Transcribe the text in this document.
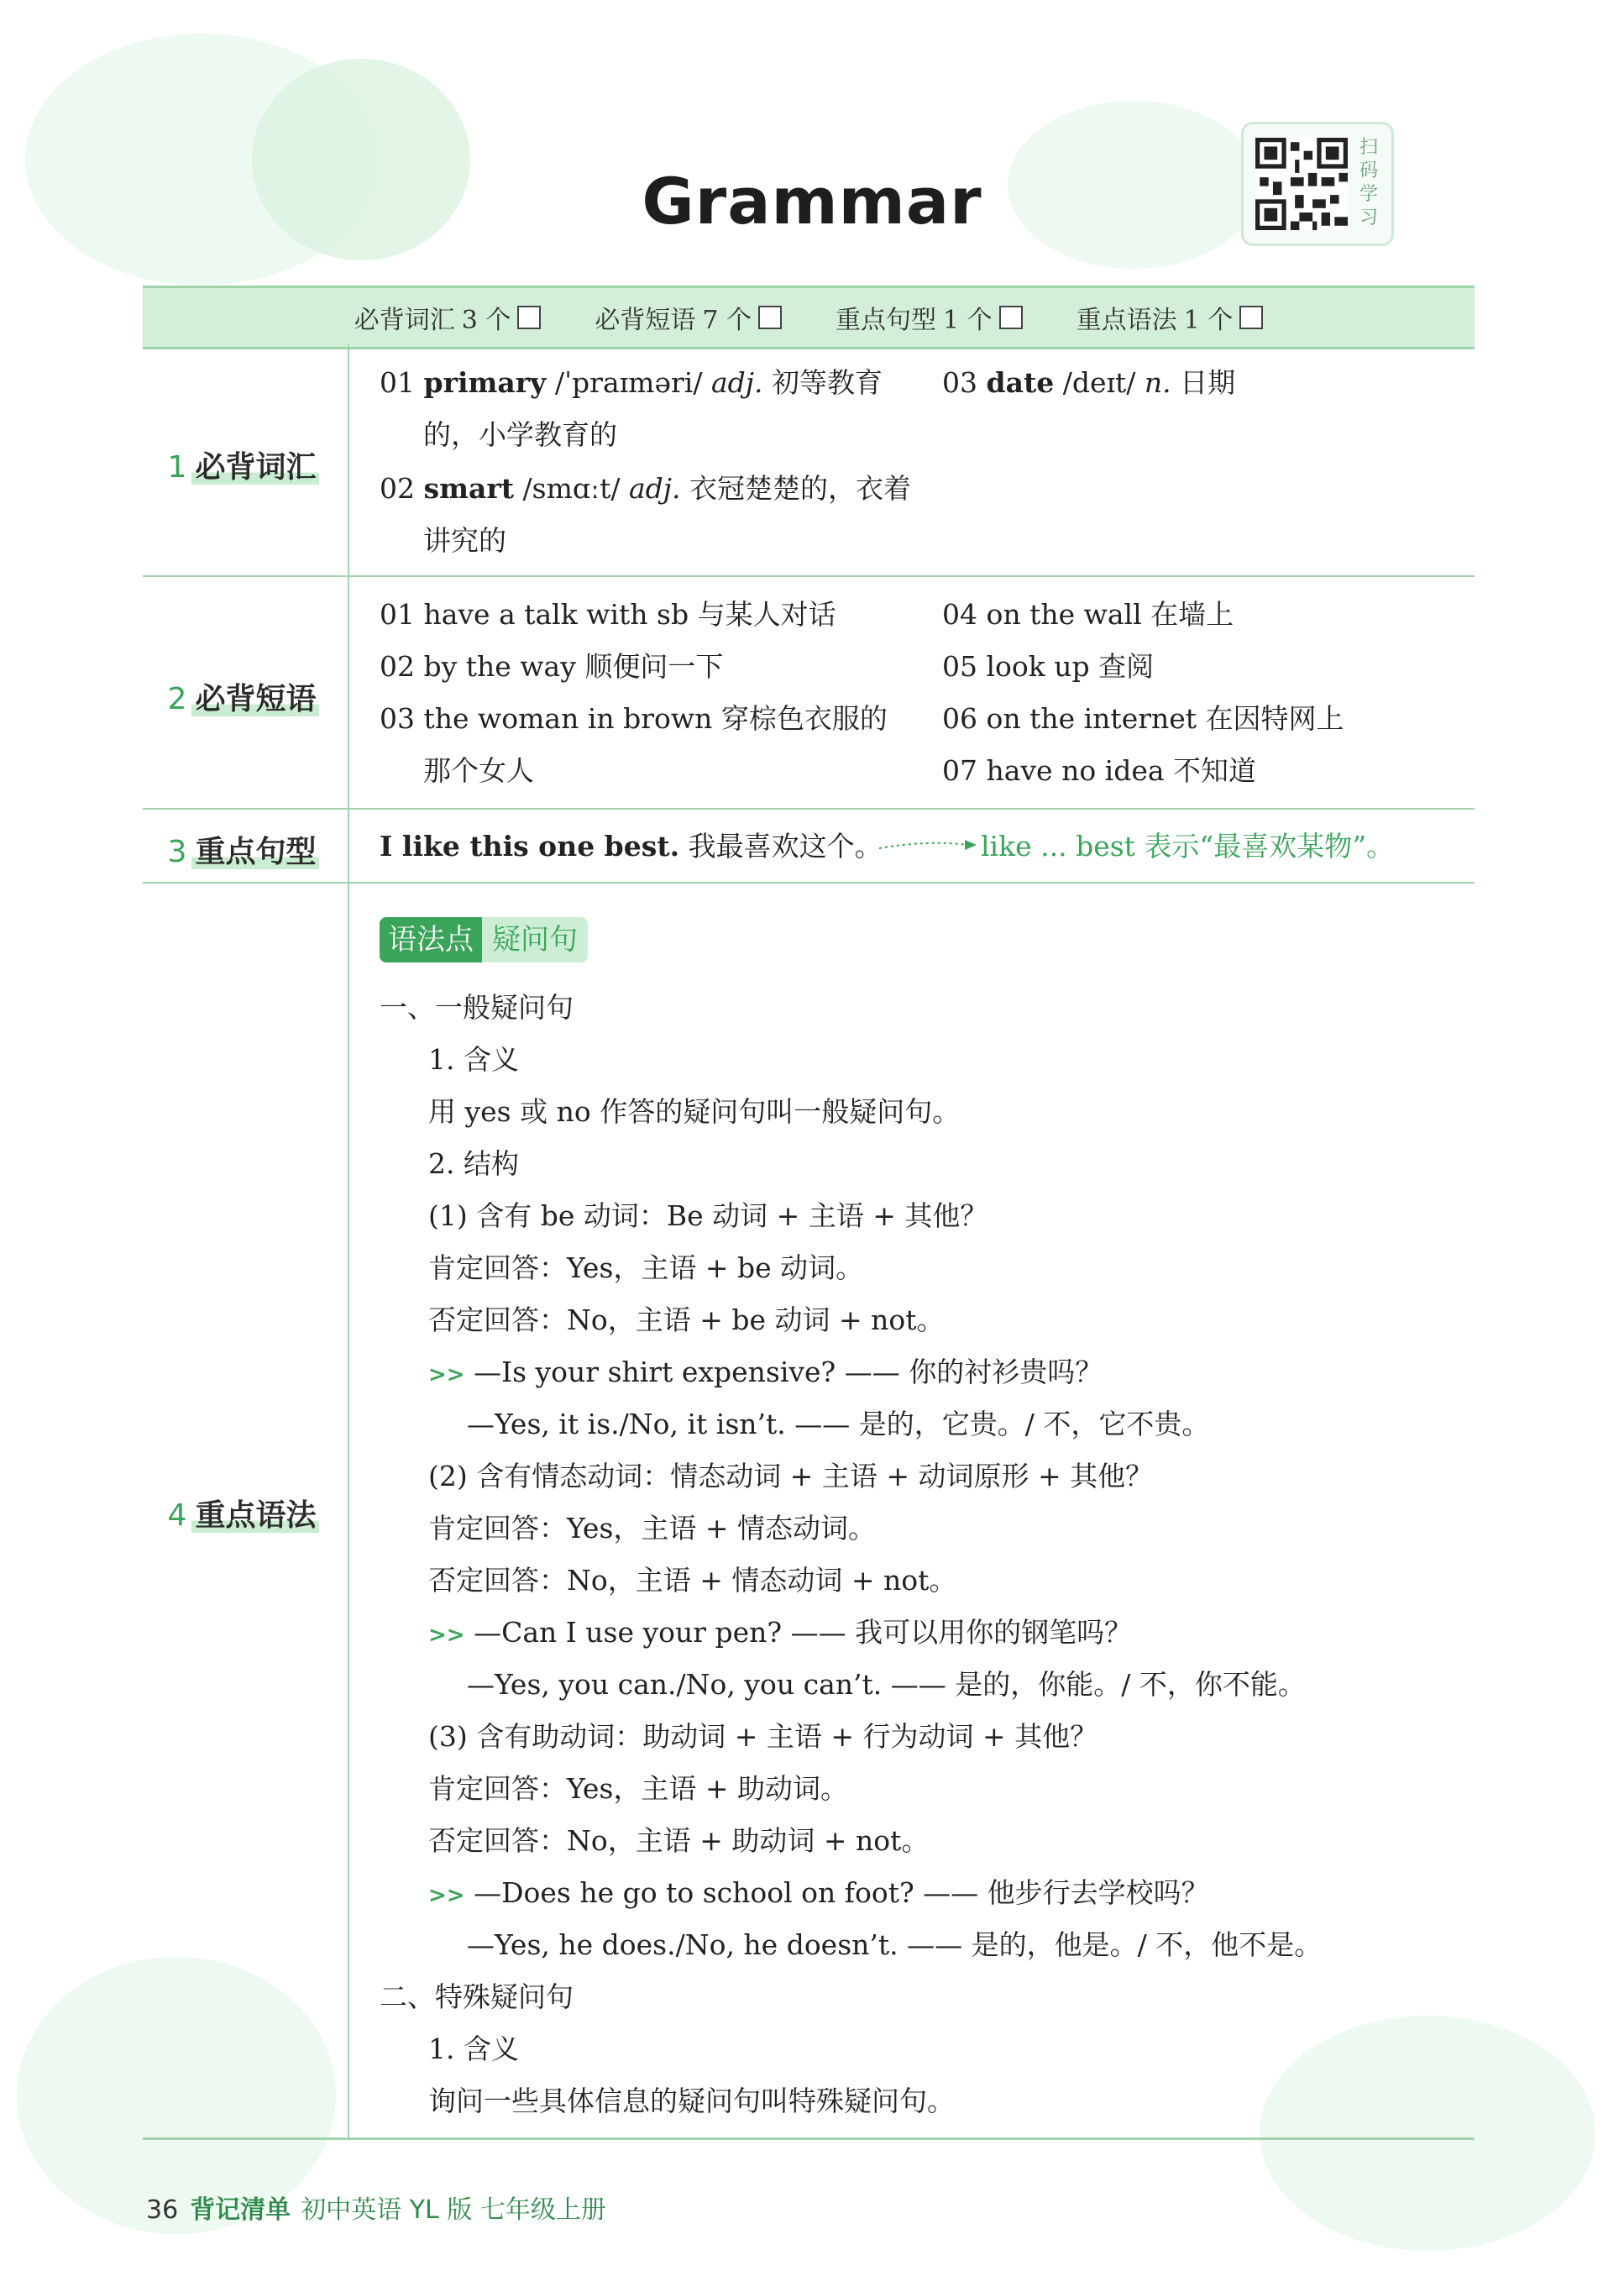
Grammar
扫
码
学
习
必背词汇 3 个	必背短语 7 个	重点句型 1 个	重点语法 1 个
1 必背词汇
01 primary /ˈpraɪməri/ adj. 初等教育
的，小学教育的
02 smart /smɑːt/ adj. 衣冠楚楚的，衣着
讲究的
03 date /deɪt/ n. 日期
2 必背短语
01 have a talk with sb 与某人对话
02 by the way 顺便问一下
03 the woman in brown 穿棕色衣服的
那个女人
04 on the wall 在墙上
05 look up 查阅
06 on the internet 在因特网上
07 have no idea 不知道
3 重点句型	I like this one best. 我最喜欢这个。	like ... best 表示“最喜欢某物”。
4 重点语法
语法点 疑问句
一、一般疑问句
1. 含义
用 yes 或 no 作答的疑问句叫一般疑问句。
2. 结构
(1) 含有 be 动词：Be 动词 + 主语 + 其他？
肯定回答：Yes，主语 + be 动词。
否定回答：No，主语 + be 动词 + not。
>> —Is your shirt expensive? —— 你的衬衫贵吗？
—Yes, it is./No, it isn’t. —— 是的，它贵。/ 不，它不贵。
(2) 含有情态动词：情态动词 + 主语 + 动词原形 + 其他？
肯定回答：Yes，主语 + 情态动词。
否定回答：No，主语 + 情态动词 + not。
>> —Can I use your pen? —— 我可以用你的钢笔吗？
—Yes, you can./No, you can’t. —— 是的，你能。/ 不，你不能。
(3) 含有助动词：助动词 + 主语 + 行为动词 + 其他？
肯定回答：Yes，主语 + 助动词。
否定回答：No，主语 + 助动词 + not。
>> —Does he go to school on foot? —— 他步行去学校吗？
—Yes, he does./No, he doesn’t. —— 是的，他是。/ 不，他不是。
二、特殊疑问句
1. 含义
询问一些具体信息的疑问句叫特殊疑问句。
36 背记清单 初中英语 YL 版 七年级上册
